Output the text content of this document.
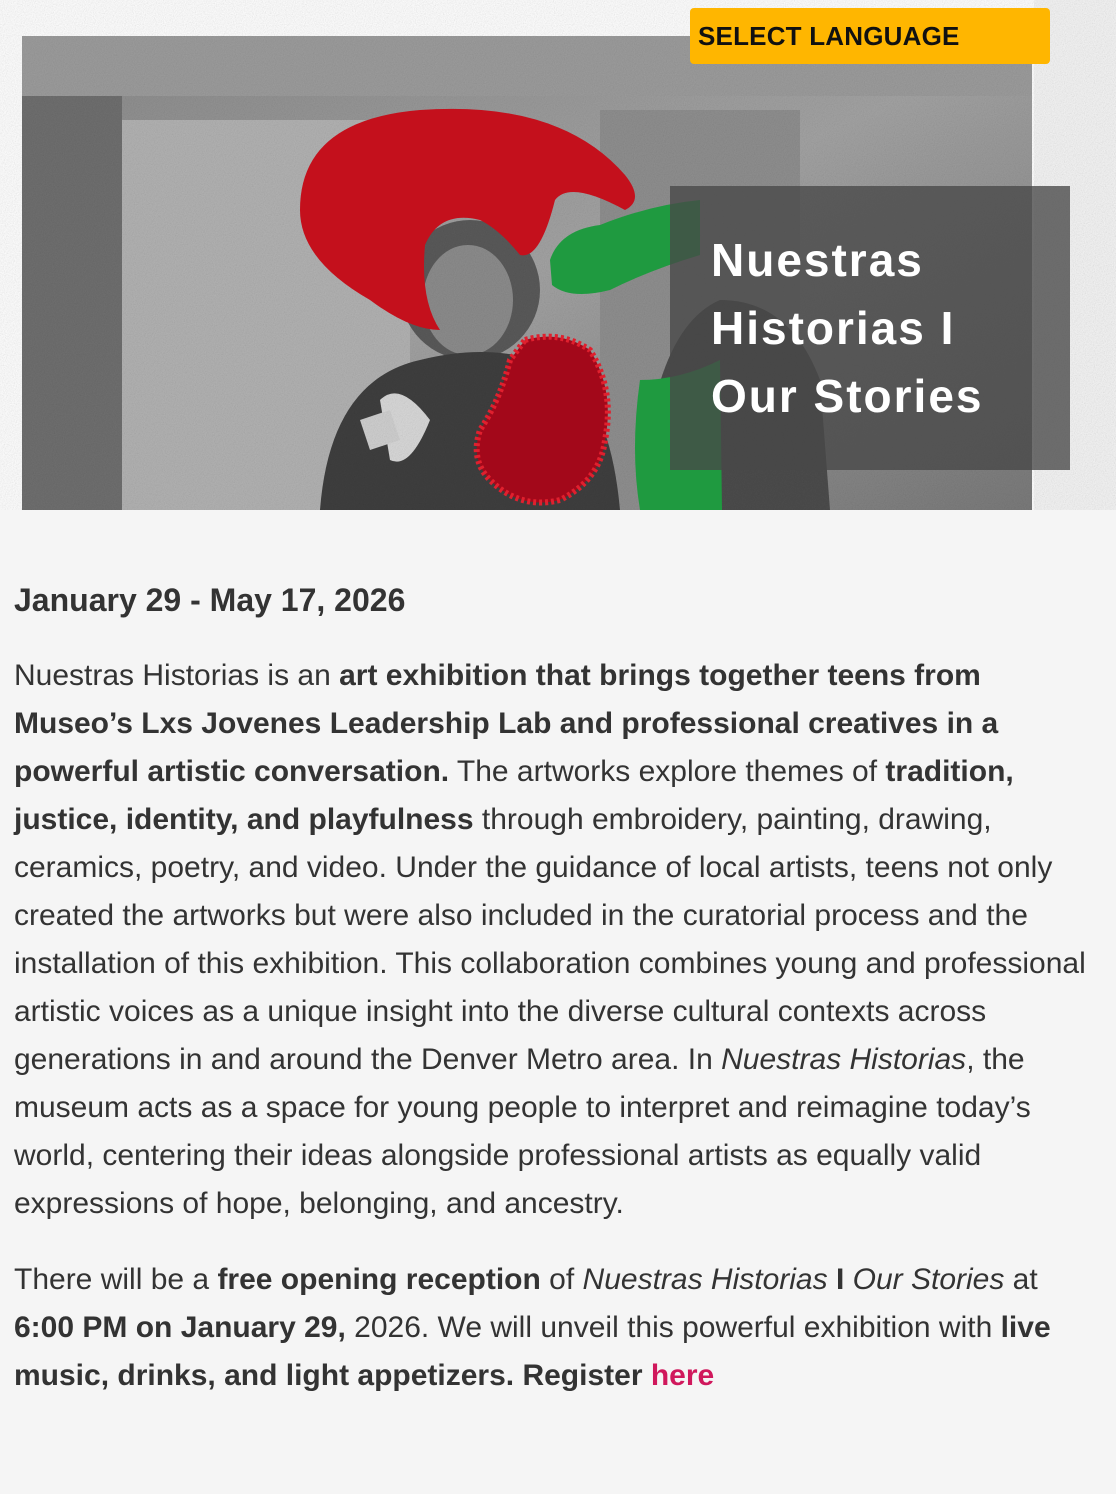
SELECT LANGUAGE
Nuestras
Historias I
Our Stories

January 29 - May 17, 2026

Nuestras Historias is an art exhibition that brings together teens from Museo’s Lxs Jovenes Leadership Lab and professional creatives in a powerful artistic conversation. The artworks explore themes of tradition, justice, identity, and playfulness through embroidery, painting, drawing, ceramics, poetry, and video. Under the guidance of local artists, teens not only created the artworks but were also included in the curatorial process and the installation of this exhibition. This collaboration combines young and professional artistic voices as a unique insight into the diverse cultural contexts across generations in and around the Denver Metro area. In Nuestras Historias, the museum acts as a space for young people to interpret and reimagine today’s world, centering their ideas alongside professional artists as equally valid expressions of hope, belonging, and ancestry.

There will be a free opening reception of Nuestras Historias I Our Stories at 6:00 PM on January 29, 2026. We will unveil this powerful exhibition with live music, drinks, and light appetizers. Register here
